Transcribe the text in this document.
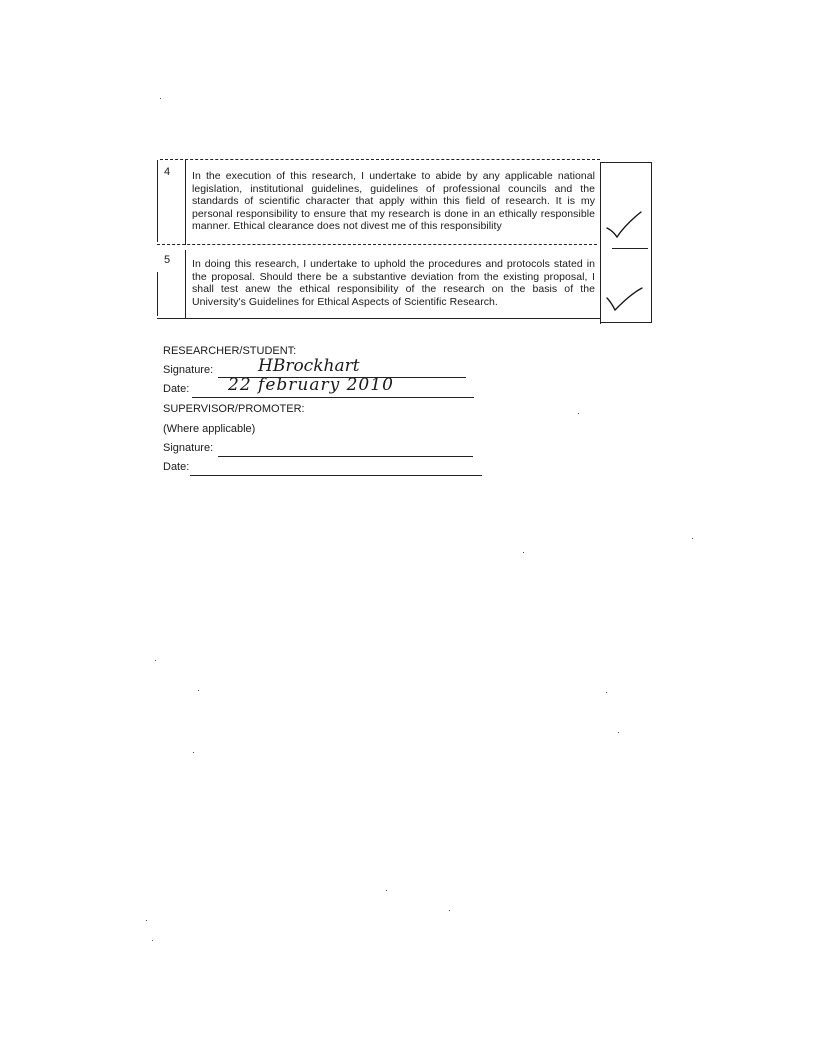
4 In the execution of this research, I undertake to abide by any applicable national legislation, institutional guidelines, guidelines of professional councils and the standards of scientific character that apply within this field of research. It is my personal responsibility to ensure that my research is done in an ethically responsible manner. Ethical clearance does not divest me of this responsibility
5 In doing this research, I undertake to uphold the procedures and protocols stated in the proposal. Should there be a substantive deviation from the existing proposal, I shall test anew the ethical responsibility of the research on the basis of the University's Guidelines for Ethical Aspects of Scientific Research.
RESEARCHER/STUDENT:
Signature:	HBrockhart
Date: 22 february 2010
SUPERVISOR/PROMOTER:
(Where applicable)
Signature:
Date:
